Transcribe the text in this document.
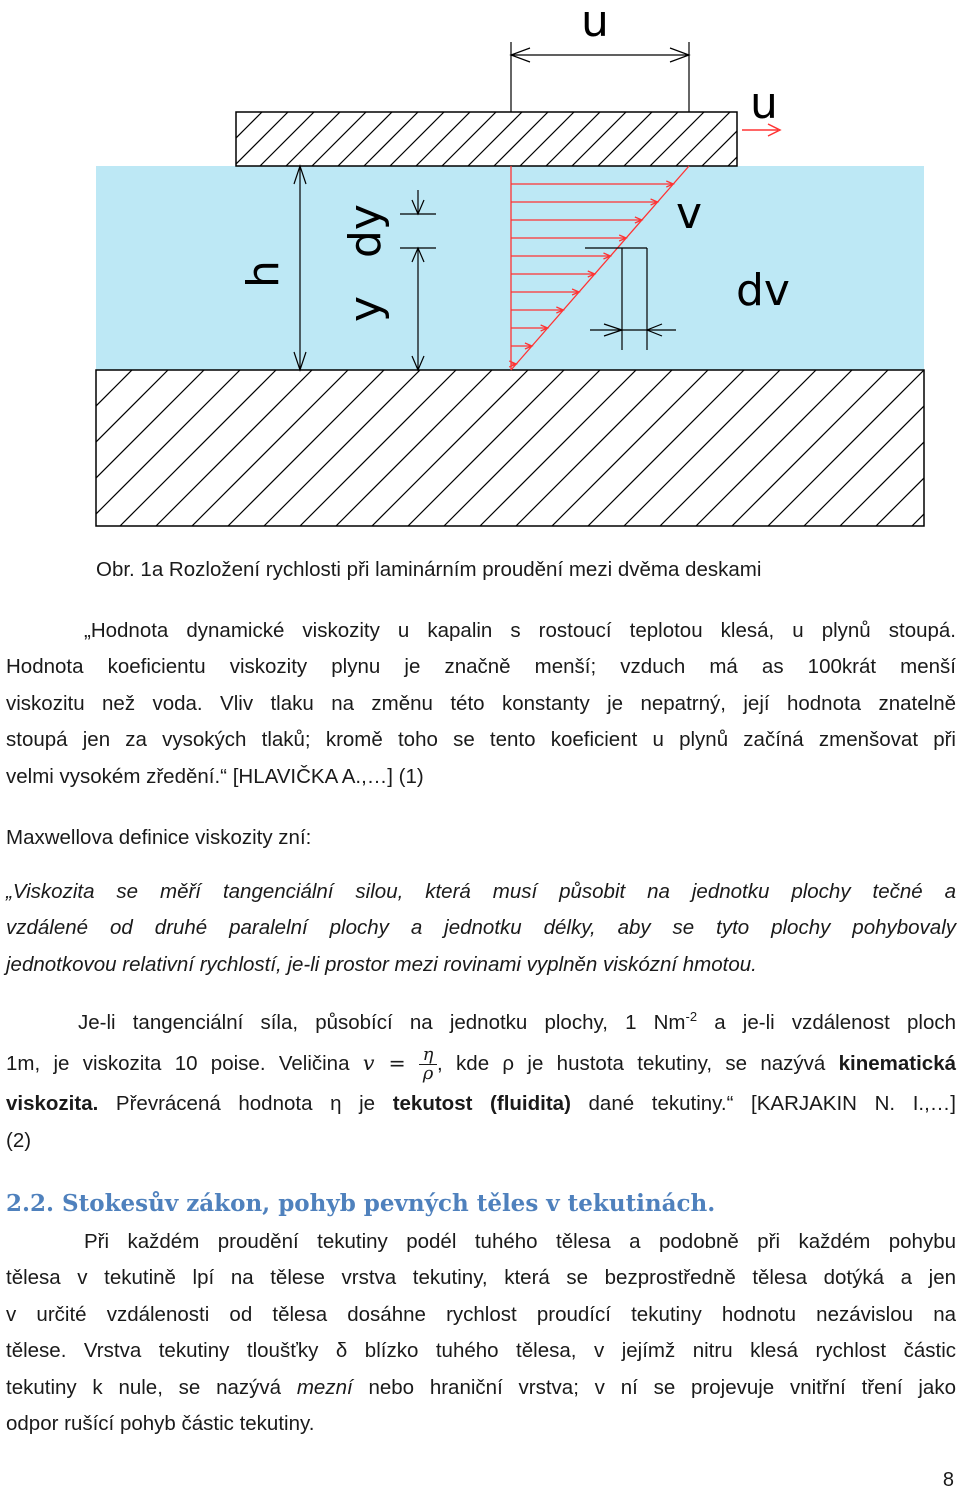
u
u
v
dv
h
y
dy
Obr. 1a Rozložení rychlosti při laminárním proudění mezi dvěma deskami
„Hodnota dynamické viskozity u kapalin s rostoucí teplotou klesá, u plynů stoupá.
Hodnota koeficientu viskozity plynu je značně menší; vzduch má as 100krát menší
viskozitu než voda. Vliv tlaku na změnu této konstanty je nepatrný, její hodnota znatelně
stoupá jen za vysokých tlaků; kromě toho se tento koeficient u plynů začíná zmenšovat při
velmi vysokém zředění.“ [HLAVIČKA A.,…] (1)
Maxwellova definice viskozity zní:
„Viskozita se měří tangenciální silou, která musí působit na jednotku plochy tečné a
vzdálené od druhé paralelní plochy a jednotku délky, aby se tyto plochy pohybovaly
jednotkovou relativní rychlostí, je-li prostor mezi rovinami vyplněn viskózní hmotou.
Je-li tangenciální síla, působící na jednotku plochy, 1 $Nm^{-2}$ a je-li vzdálenost ploch
1m, je viskozita 10 poise. Veličina $v = \frac{\eta}{\rho}$ , kde ρ je hustota tekutiny, se nazývá kinematická
viskozita. Převrácená hodnota η je tekutost (fluidita) dané tekutiny.“ [KARJAKIN N. I.,…]
(2)
2.2. Stokesův zákon, pohyb pevných těles v tekutinách.
Při každém proudění tekutiny podél tuhého tělesa a podobně při každém pohybu
tělesa v tekutině lpí na tělese vrstva tekutiny, která se bezprostředně tělesa dotýká a jen
v určité vzdálenosti od tělesa dosáhne rychlost proudící tekutiny hodnotu nezávislou na
tělese. Vrstva tekutiny tloušťky δ blízko tuhého tělesa, v jejímž nitru klesá rychlost částic
tekutiny k nule, se nazývá mezní nebo hraniční vrstva; v ní se projevuje vnitřní tření jako
odpor rušící pohyb částic tekutiny.
8
